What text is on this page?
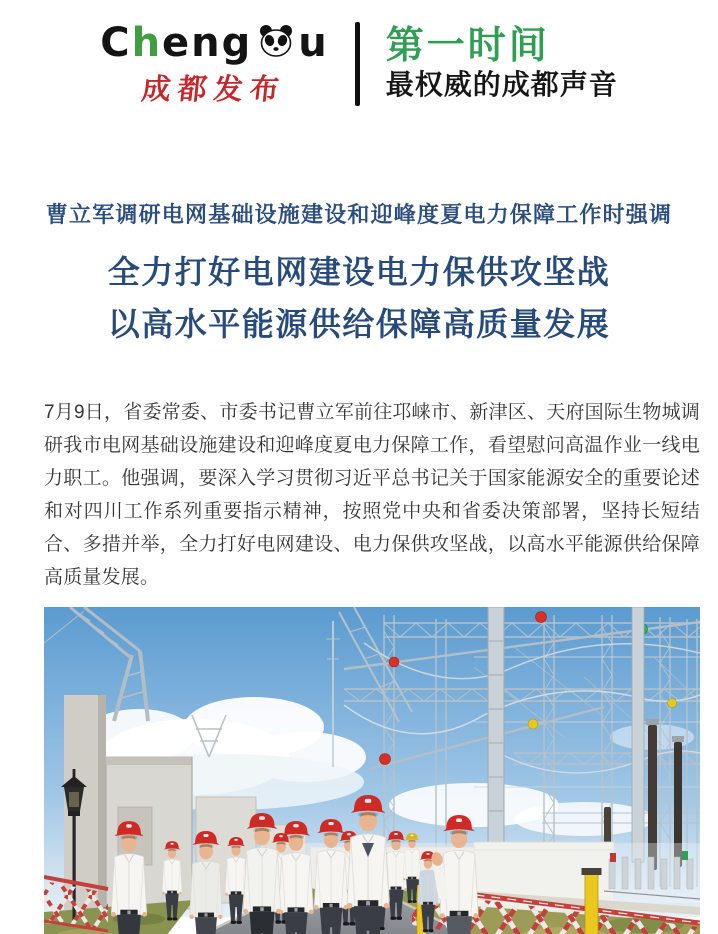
C h eng u
成都发布
第一时间
最权威的成都声音
曹立军调研电网基础设施建设和迎峰度夏电力保障工作时强调
全力打好电网建设电力保供攻坚战
以高水平能源供给保障高质量发展

7月9日，省委常委、市委书记曹立军前往邛崃市、新津区、天府国际生物城调研我市电网基础设施建设和迎峰度夏电力保障工作，看望慰问高温作业一线电力职工。他强调，要深入学习贯彻习近平总书记关于国家能源安全的重要论述和对四川工作系列重要指示精神，按照党中央和省委决策部署，坚持长短结合、多措并举，全力打好电网建设、电力保供攻坚战，以高水平能源供给保障高质量发展。
